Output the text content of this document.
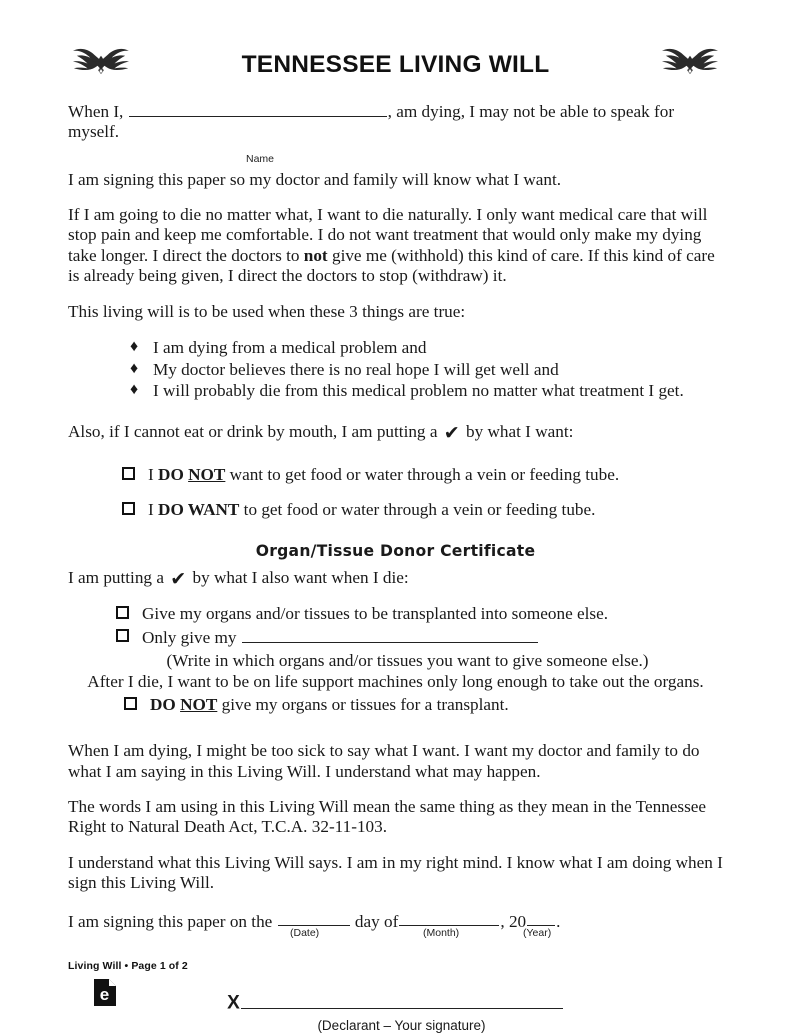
TENNESSEE LIVING WILL

When I,	, am dying, I may not be able to speak for myself.

Name

I am signing this paper so my doctor and family will know what I want.

If I am going to die no matter what, I want to die naturally. I only want medical care that will stop pain and keep me comfortable. I do not want treatment that would only make my dying take longer. I direct the doctors to not give me (withhold) this kind of care. If this kind of care is already being given, I direct the doctors to stop (withdraw) it.

This living will is to be used when these 3 things are true:

♦ I am dying from a medical problem and
♦ My doctor believes there is no real hope I will get well and
♦ I will probably die from this medical problem no matter what treatment I get.

Also, if I cannot eat or drink by mouth, I am putting a ✔ by what I want:

I DO NOT want to get food or water through a vein or feeding tube.
I DO WANT to get food or water through a vein or feeding tube.
Organ/Tissue Donor Certificate

I am putting a ✔ by what I also want when I die:

Give my organs and/or tissues to be transplanted into someone else.
Only give my

(Write in which organs and/or tissues you want to give someone else.)

After I die, I want to be on life support machines only long enough to take out the organs.

DO NOT give my organs or tissues for a transplant.

When I am dying, I might be too sick to say what I want. I want my doctor and family to do what I am saying in this Living Will. I understand what may happen.

The words I am using in this Living Will mean the same thing as they mean in the Tennessee Right to Natural Death Act, T.C.A. 32-11-103.

I understand what this Living Will says. I am in my right mind. I know what I am doing when I sign this Living Will.

I am signing this paper on the	day of	, 20 .
(Date)	(Month)	(Year)
X
(Declarant – Your signature)
Living Will • Page 1 of 2
e
